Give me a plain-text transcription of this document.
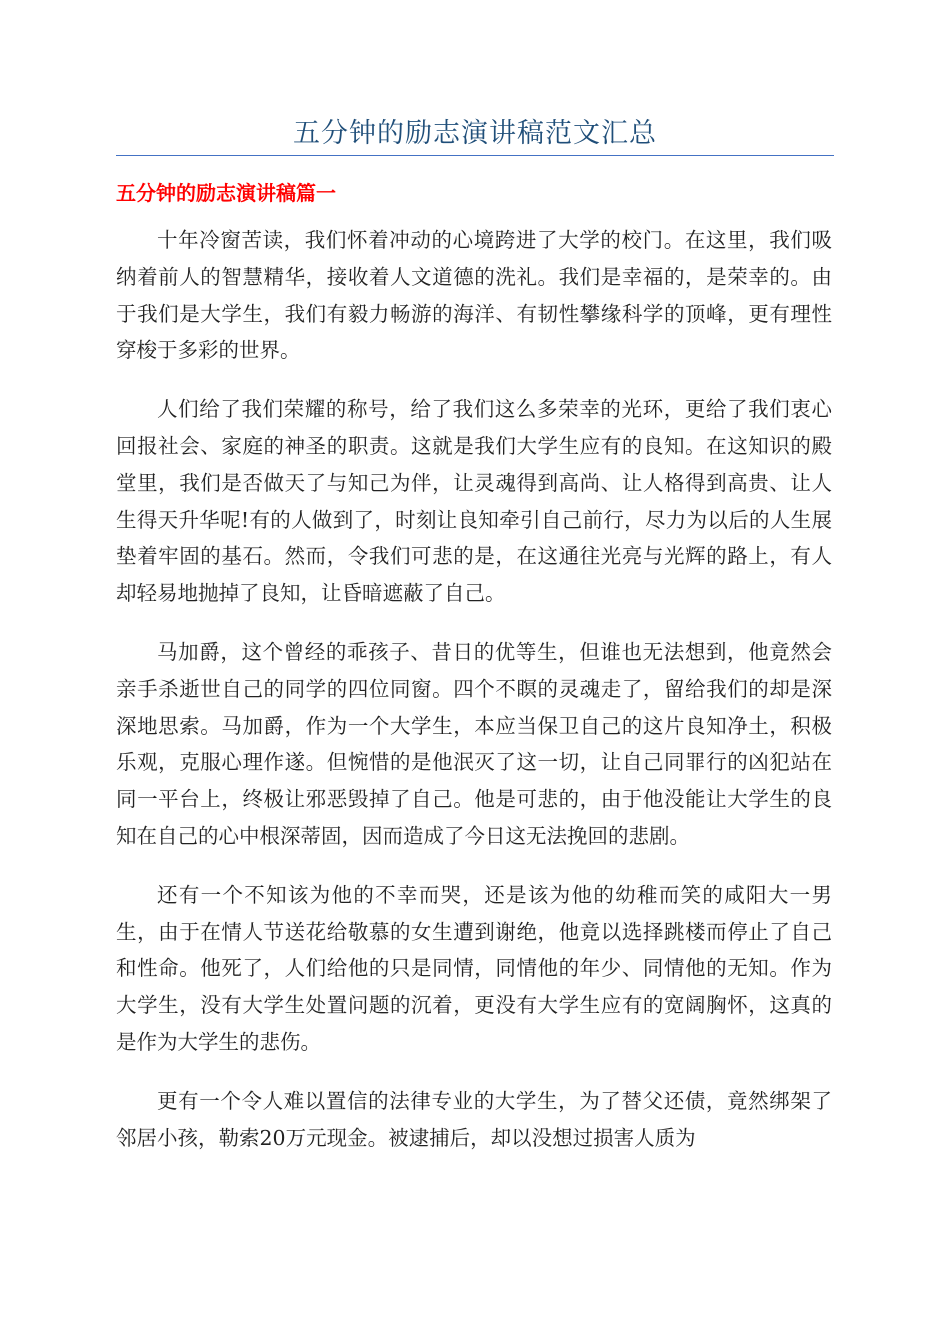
五分钟的励志演讲稿范文汇总
五分钟的励志演讲稿篇一

十年冷窗苦读，我们怀着冲动的心境跨进了大学的校门。在这里，我们吸纳着前人的智慧精华，接收着人文道德的洗礼。我们是幸福的，是荣幸的。由于我们是大学生，我们有毅力畅游的海洋、有韧性攀缘科学的顶峰，更有理性穿梭于多彩的世界。

人们给了我们荣耀的称号，给了我们这么多荣幸的光环，更给了我们衷心回报社会、家庭的神圣的职责。这就是我们大学生应有的良知。在这知识的殿堂里，我们是否做天了与知己为伴，让灵魂得到高尚、让人格得到高贵、让人生得天升华呢!有的人做到了，时刻让良知牵引自己前行，尽力为以后的人生展垫着牢固的基石。然而，令我们可悲的是，在这通往光亮与光辉的路上，有人却轻易地抛掉了良知，让昏暗遮蔽了自己。

马加爵，这个曾经的乖孩子、昔日的优等生，但谁也无法想到，他竟然会亲手杀逝世自己的同学的四位同窗。四个不瞑的灵魂走了，留给我们的却是深深地思索。马加爵，作为一个大学生，本应当保卫自己的这片良知净土，积极乐观，克服心理作遂。但惋惜的是他泯灭了这一切，让自己同罪行的凶犯站在同一平台上，终极让邪恶毁掉了自己。他是可悲的，由于他没能让大学生的良知在自己的心中根深蒂固，因而造成了今日这无法挽回的悲剧。

还有一个不知该为他的不幸而哭，还是该为他的幼稚而笑的咸阳大一男生，由于在情人节送花给敬慕的女生遭到谢绝，他竟以选择跳楼而停止了自己和性命。他死了，人们给他的只是同情，同情他的年少、同情他的无知。作为大学生，没有大学生处置问题的沉着，更没有大学生应有的宽阔胸怀，这真的是作为大学生的悲伤。

更有一个令人难以置信的法律专业的大学生，为了替父还债，竟然绑架了邻居小孩，勒索20万元现金。被逮捕后，却以没想过损害人质为
